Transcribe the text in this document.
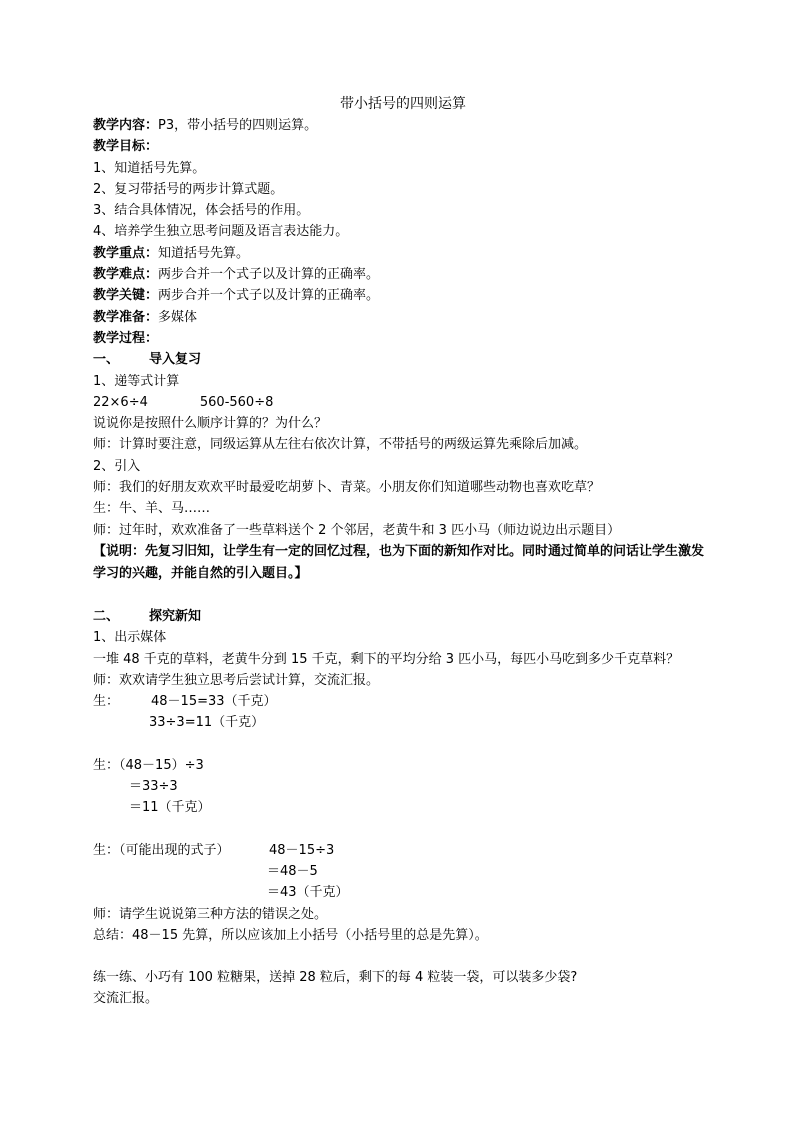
带小括号的四则运算
教学内容：P3，带小括号的四则运算。
教学目标：
1、知道括号先算。
2、复习带括号的两步计算式题。
3、结合具体情况，体会括号的作用。
4、培养学生独立思考问题及语言表达能力。
教学重点：知道括号先算。
教学难点：两步合并一个式子以及计算的正确率。
教学关键：两步合并一个式子以及计算的正确率。
教学准备：多媒体
教学过程：
一、 导入复习
1、递等式计算
22×6÷4	560-560÷8
说说你是按照什么顺序计算的？为什么？
师：计算时要注意，同级运算从左往右依次计算，不带括号的两级运算先乘除后加减。
2、引入
师：我们的好朋友欢欢平时最爱吃胡萝卜、青菜。小朋友你们知道哪些动物也喜欢吃草？
生：牛、羊、马……
师：过年时，欢欢准备了一些草料送个 2 个邻居，老黄牛和 3 匹小马（师边说边出示题目）
【说明：先复习旧知，让学生有一定的回忆过程，也为下面的新知作对比。同时通过简单的问话让学生激发学习的兴趣，并能自然的引入题目。】
二、 探究新知
1、出示媒体
一堆 48 千克的草料，老黄牛分到 15 千克，剩下的平均分给 3 匹小马，每匹小马吃到多少千克草料？
师：欢欢请学生独立思考后尝试计算，交流汇报。
生： 48－15=33（千克）
33÷3=11（千克）
生：（48－15）÷3
＝33÷3
＝11（千克）
生：（可能出现的式子）	48－15÷3
＝48－5
＝43（千克）
师：请学生说说第三种方法的错误之处。
总结：48－15 先算，所以应该加上小括号（小括号里的总是先算）。
练一练、小巧有 100 粒糖果，送掉 28 粒后，剩下的每 4 粒装一袋，可以装多少袋?
交流汇报。
